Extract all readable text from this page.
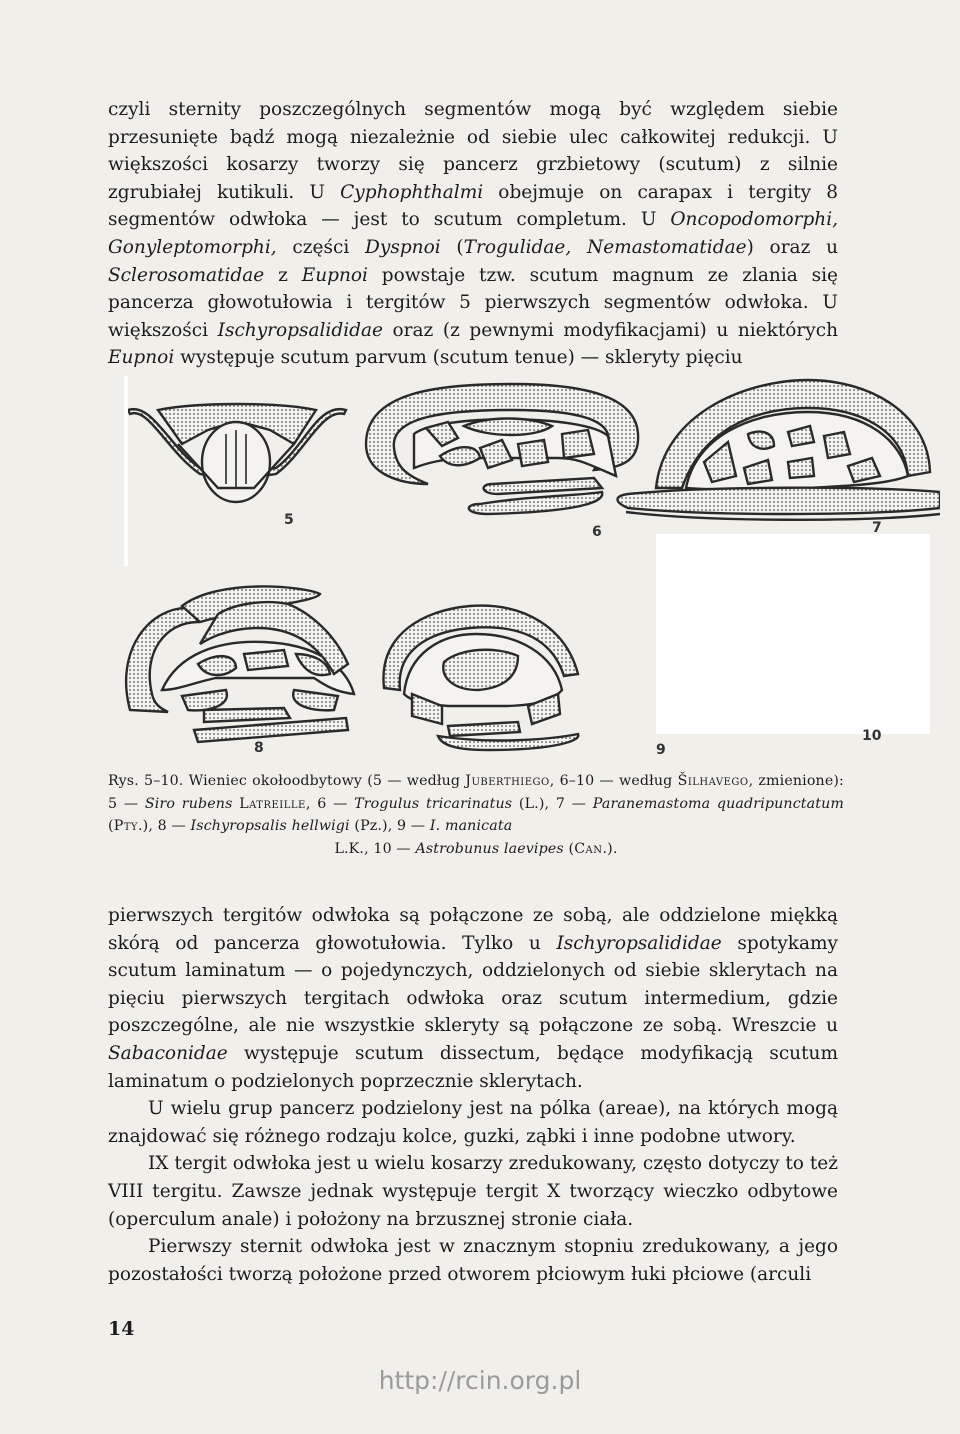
czyli sternity poszczególnych segmentów mogą być względem siebie przesunięte bądź mogą niezależnie od siebie ulec całkowitej redukcji. U większości kosarzy tworzy się pancerz grzbietowy (scutum) z silnie zgrubiałej kutikuli. U Cyphophthalmi obejmuje on carapax i tergity 8 segmentów odwłoka — jest to scutum completum. U Oncopodomorphi, Gonyleptomorphi, części Dyspnoi (Trogulidae, Nemastomatidae) oraz u Sclerosomatidae z Eupnoi powstaje tzw. scutum magnum ze zlania się pancerza głowotułowia i tergitów 5 pierwszych segmentów odwłoka. U większości Ischyropsalididae oraz (z pewnymi modyfikacjami) u niektórych Eupnoi występuje scutum parvum (scutum tenue) — skleryty pięciu

5
6	7
8	9
10
Rys. 5–10. Wieniec okołoodbytowy (5 — według Juberthiego, 6–10 — według Šilhavego, zmienione): 5 — Siro rubens Latreille, 6 — Trogulus tricarinatus (L.), 7 — Paranemastoma quadripunctatum (Pty.), 8 — Ischyropsalis hellwigi (Pz.), 9 — I. manicata
L.K., 10 — Astrobunus laevipes (Can.).

pierwszych tergitów odwłoka są połączone ze sobą, ale oddzielone miękką skórą od pancerza głowotułowia. Tylko u Ischyropsalididae spotykamy scutum laminatum — o pojedynczych, oddzielonych od siebie sklerytach na pięciu pierwszych tergitach odwłoka oraz scutum intermedium, gdzie poszczególne, ale nie wszystkie skleryty są połączone ze sobą. Wreszcie u Sabaconidae występuje scutum dissectum, będące modyfikacją scutum laminatum o podzielonych poprzecznie sklerytach.

U wielu grup pancerz podzielony jest na pólka (areae), na których mogą znajdować się różnego rodzaju kolce, guzki, ząbki i inne podobne utwory.

IX tergit odwłoka jest u wielu kosarzy zredukowany, często dotyczy to też VIII tergitu. Zawsze jednak występuje tergit X tworzący wieczko odbytowe (operculum anale) i położony na brzusznej stronie ciała.

Pierwszy sternit odwłoka jest w znacznym stopniu zredukowany, a jego pozostałości tworzą położone przed otworem płciowym łuki płciowe (arculi

14
http://rcin.org.pl
